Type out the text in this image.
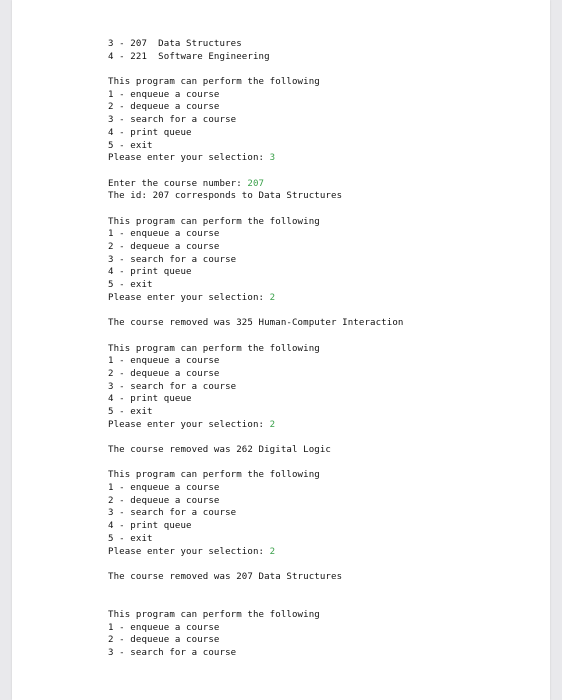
3 - 207  Data Structures
4 - 221  Software Engineering
This program can perform the following
1 - enqueue a course
2 - dequeue a course
3 - search for a course
4 - print queue
5 - exit
Please enter your selection: 3
Enter the course number: 207
The id: 207 corresponds to Data Structures
This program can perform the following
1 - enqueue a course
2 - dequeue a course
3 - search for a course
4 - print queue
5 - exit
Please enter your selection: 2
The course removed was 325 Human-Computer Interaction
This program can perform the following
1 - enqueue a course
2 - dequeue a course
3 - search for a course
4 - print queue
5 - exit
Please enter your selection: 2
The course removed was 262 Digital Logic
This program can perform the following
1 - enqueue a course
2 - dequeue a course
3 - search for a course
4 - print queue
5 - exit
Please enter your selection: 2
The course removed was 207 Data Structures
This program can perform the following
1 - enqueue a course
2 - dequeue a course
3 - search for a course
